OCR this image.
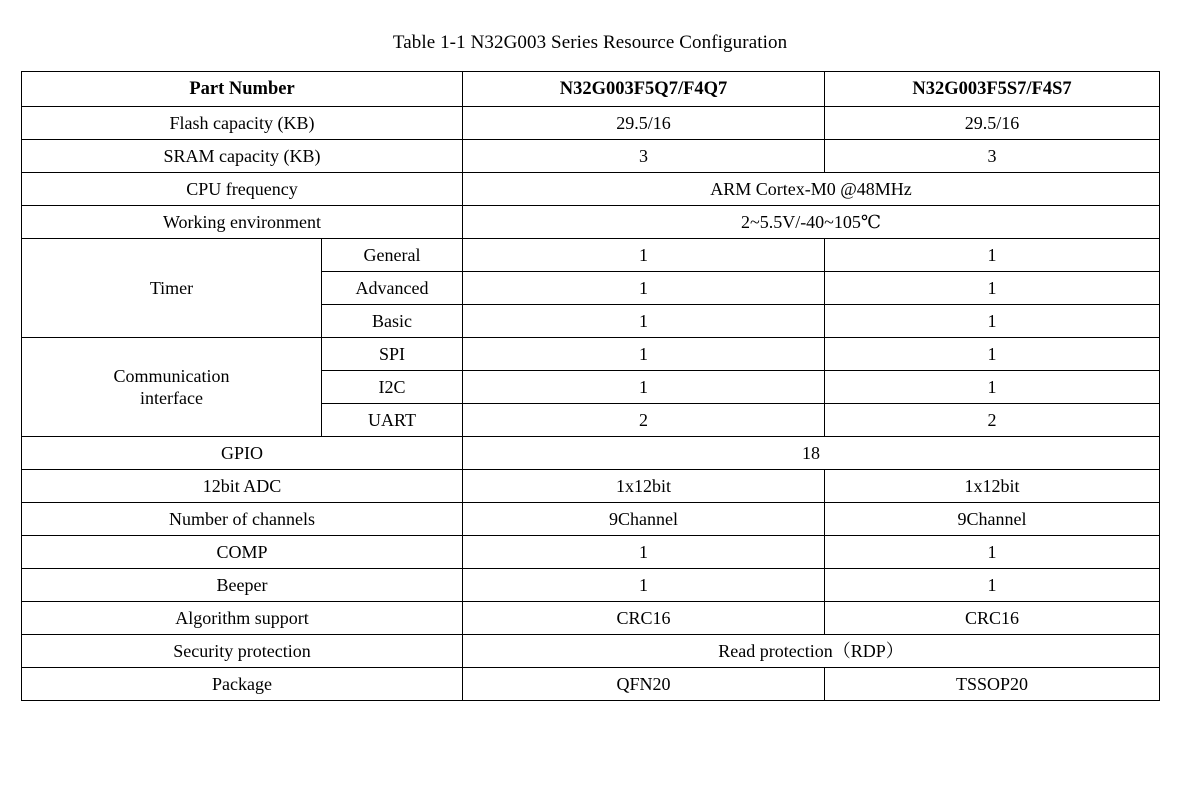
Table 1-1 N32G003 Series Resource Configuration
Part Number		N32G003F5Q7/F4Q7	N32G003F5S7/F4S7
Flash capacity (KB)		29.5/16	29.5/16
SRAM capacity (KB)		3	3
CPU frequency		ARM Cortex-M0 @48MHz	
Working environment		2~5.5V/-40~105℃	
Timer	General	1	1
	Advanced	1	1
	Basic	1	1
Communication
interface	SPI	1	1
	I2C	1	1
	UART	2	2
GPIO		18	
12bit ADC		1x12bit	1x12bit
Number of channels		9Channel	9Channel
COMP		1	1
Beeper		1	1
Algorithm support		CRC16	CRC16
Security protection		Read protection（RDP）	
Package		QFN20	TSSOP20
